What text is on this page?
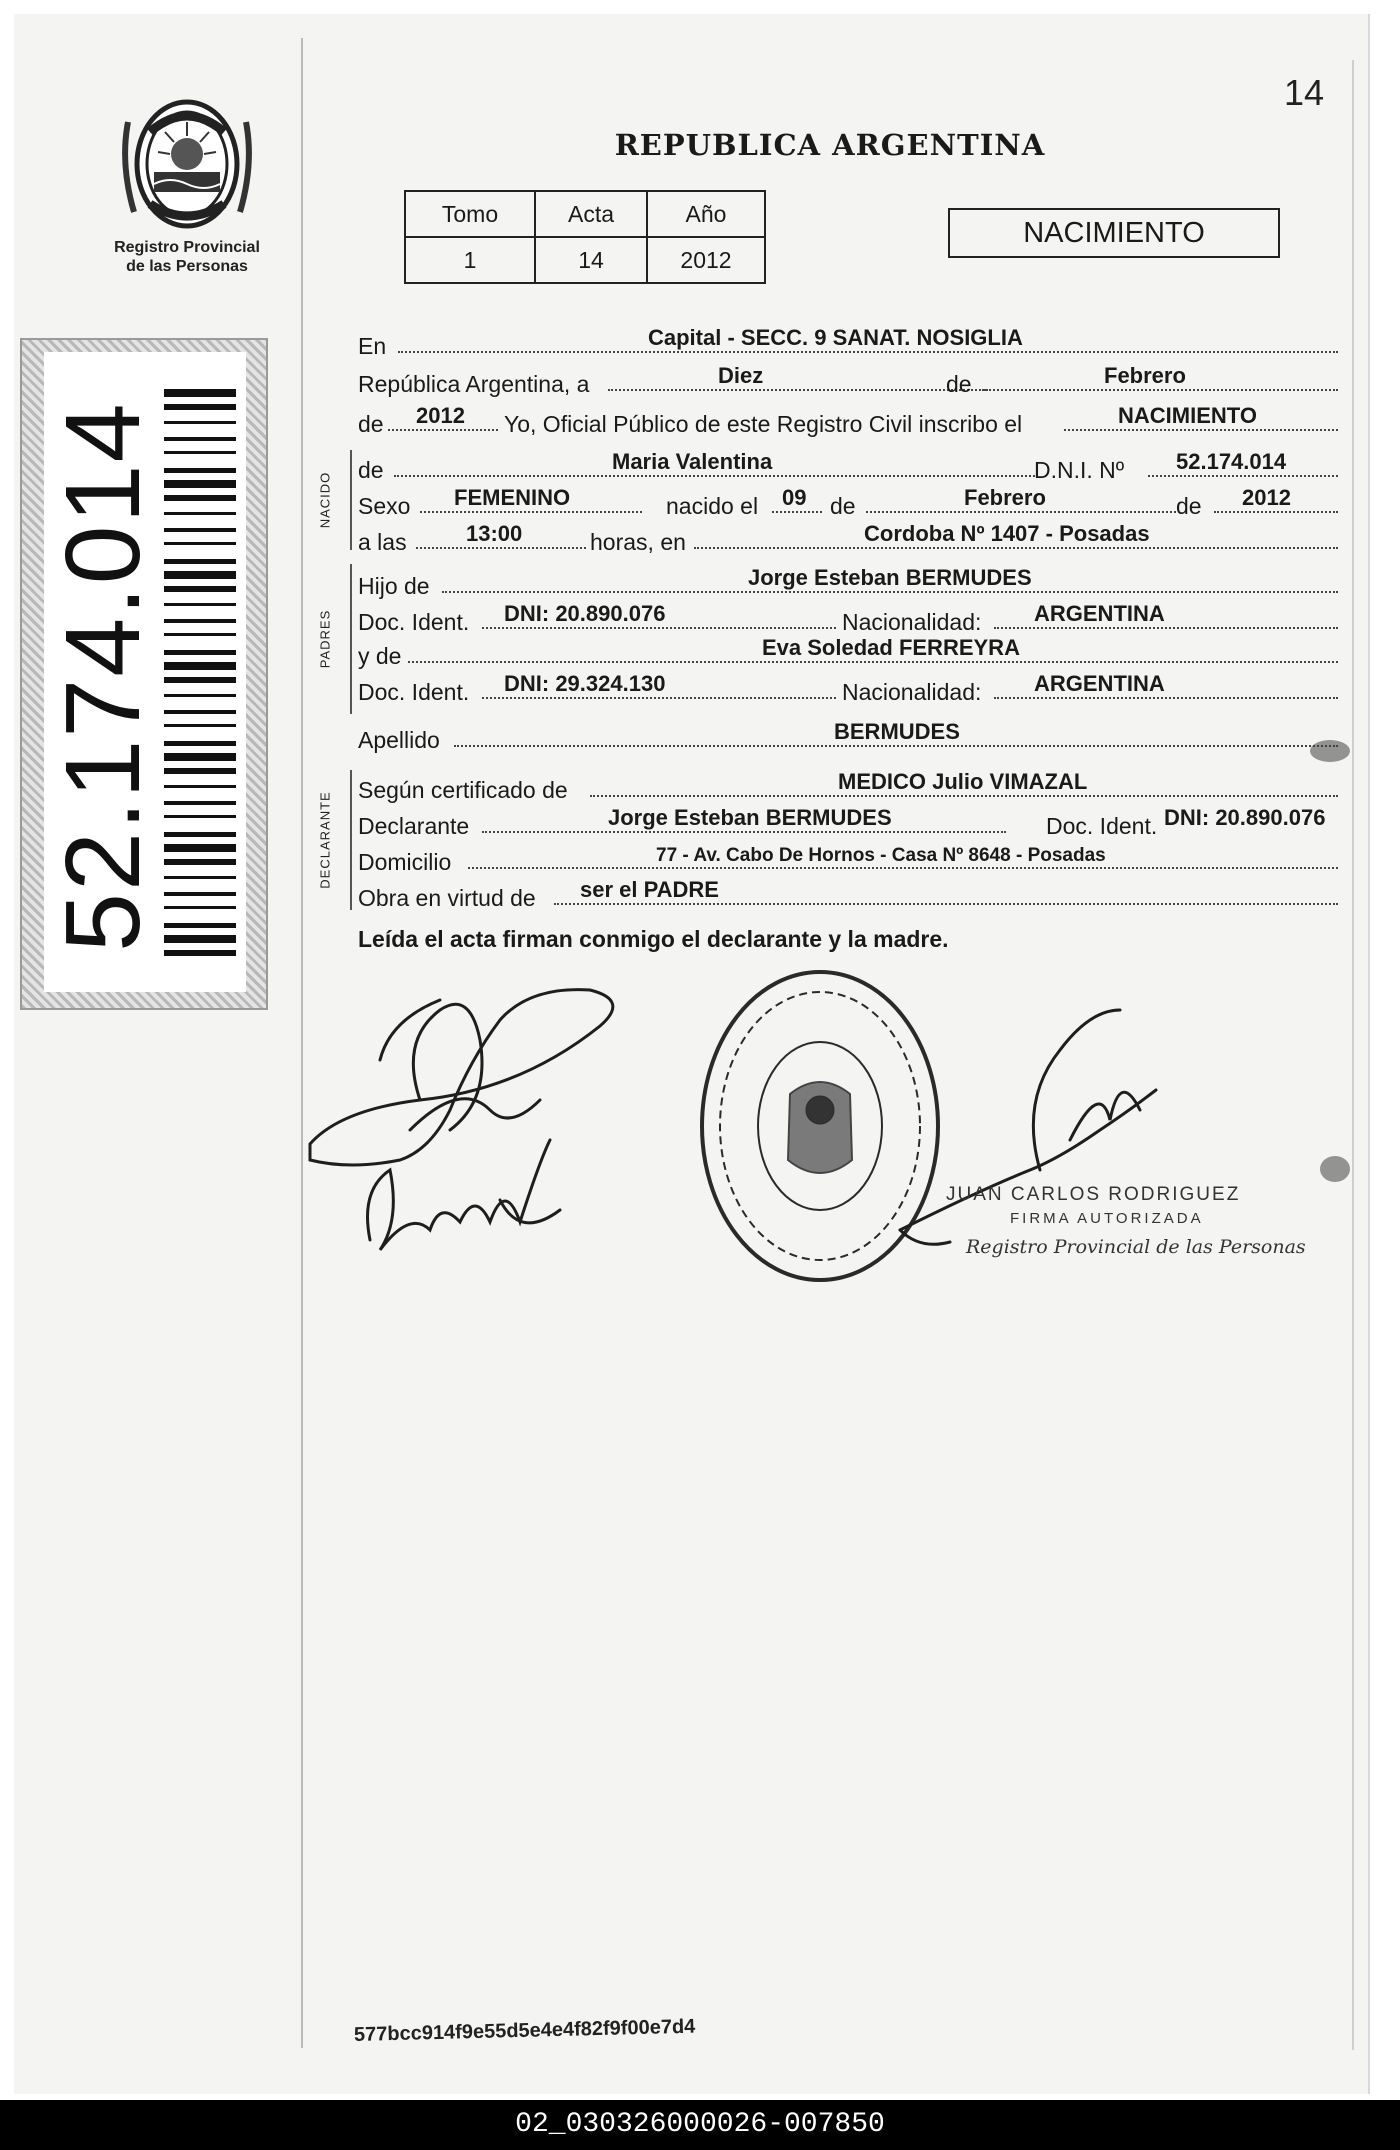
14
Registro Provincial
de las Personas
52.174.014
REPUBLICA ARGENTINA
Tomo	Acta	Año
1	14	2012
NACIMIENTO
En	Capital - SECC. 9 SANAT. NOSIGLIA
República Argentina, a	Diez	de	Febrero
de 2012 Yo, Oficial Público de este Registro Civil inscribo el	NACIMIENTO
NACIDO
de	Maria Valentina	D.N.I. Nº 52.174.014
Sexo FEMENINO	nacido el 09 de	Febrero	de 2012
a las	13:00	horas, en	Cordoba Nº 1407 - Posadas
PADRES
Hijo de	Jorge Esteban BERMUDES
Doc. Ident. DNI: 20.890.076	Nacionalidad: ARGENTINA
y de	Eva Soledad FERREYRA
Doc. Ident. DNI: 29.324.130	Nacionalidad: ARGENTINA
Apellido	BERMUDES
DECLARANTE
Según certificado de	MEDICO Julio VIMAZAL
Declarante	Jorge Esteban BERMUDES	Doc. Ident. DNI: 20.890.076
Domicilio	77 - Av. Cabo De Hornos - Casa Nº 8648 - Posadas
Obra en virtud de ser el PADRE
Leída el acta firman conmigo el declarante y la madre.
JUAN CARLOS RODRIGUEZ
FIRMA AUTORIZADA
Registro Provincial de las Personas
577bcc914f9e55d5e4e4f82f9f00e7d4
02_030326000026-007850
